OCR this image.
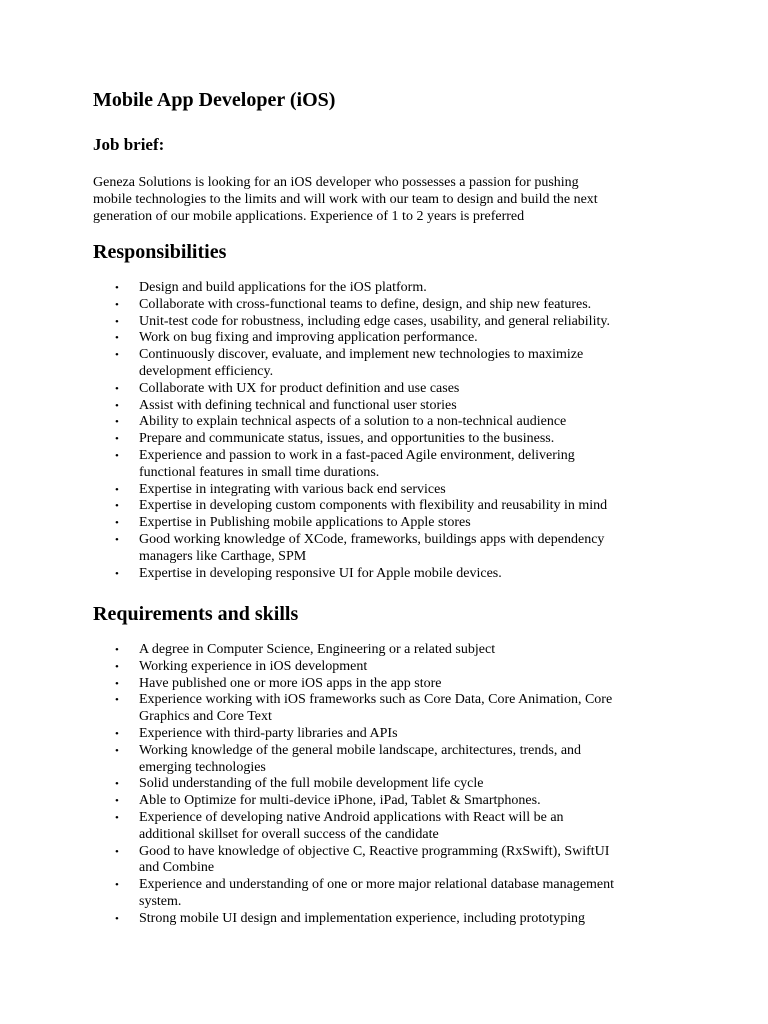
Mobile App Developer (iOS)
Job brief:

Geneza Solutions is looking for an iOS developer who possesses a passion for pushing
mobile technologies to the limits and will work with our team to design and build the next
generation of our mobile applications. Experience of 1 to 2 years is preferred

Responsibilities
• Design and build applications for the iOS platform.
• Collaborate with cross-functional teams to define, design, and ship new features.
• Unit-test code for robustness, including edge cases, usability, and general reliability.
• Work on bug fixing and improving application performance.
• Continuously discover, evaluate, and implement new technologies to maximize
development efficiency.
• Collaborate with UX for product definition and use cases
• Assist with defining technical and functional user stories
• Ability to explain technical aspects of a solution to a non-technical audience
• Prepare and communicate status, issues, and opportunities to the business.
• Experience and passion to work in a fast-paced Agile environment, delivering
functional features in small time durations.
• Expertise in integrating with various back end services
• Expertise in developing custom components with flexibility and reusability in mind
• Expertise in Publishing mobile applications to Apple stores
• Good working knowledge of XCode, frameworks, buildings apps with dependency
managers like Carthage, SPM
• Expertise in developing responsive UI for Apple mobile devices.
Requirements and skills
• A degree in Computer Science, Engineering or a related subject
• Working experience in iOS development
• Have published one or more iOS apps in the app store
• Experience working with iOS frameworks such as Core Data, Core Animation, Core
Graphics and Core Text
• Experience with third-party libraries and APIs
• Working knowledge of the general mobile landscape, architectures, trends, and
emerging technologies
• Solid understanding of the full mobile development life cycle
• Able to Optimize for multi-device iPhone, iPad, Tablet & Smartphones.
• Experience of developing native Android applications with React will be an
additional skillset for overall success of the candidate
• Good to have knowledge of objective C, Reactive programming (RxSwift), SwiftUI
and Combine
• Experience and understanding of one or more major relational database management
system.
• Strong mobile UI design and implementation experience, including prototyping
